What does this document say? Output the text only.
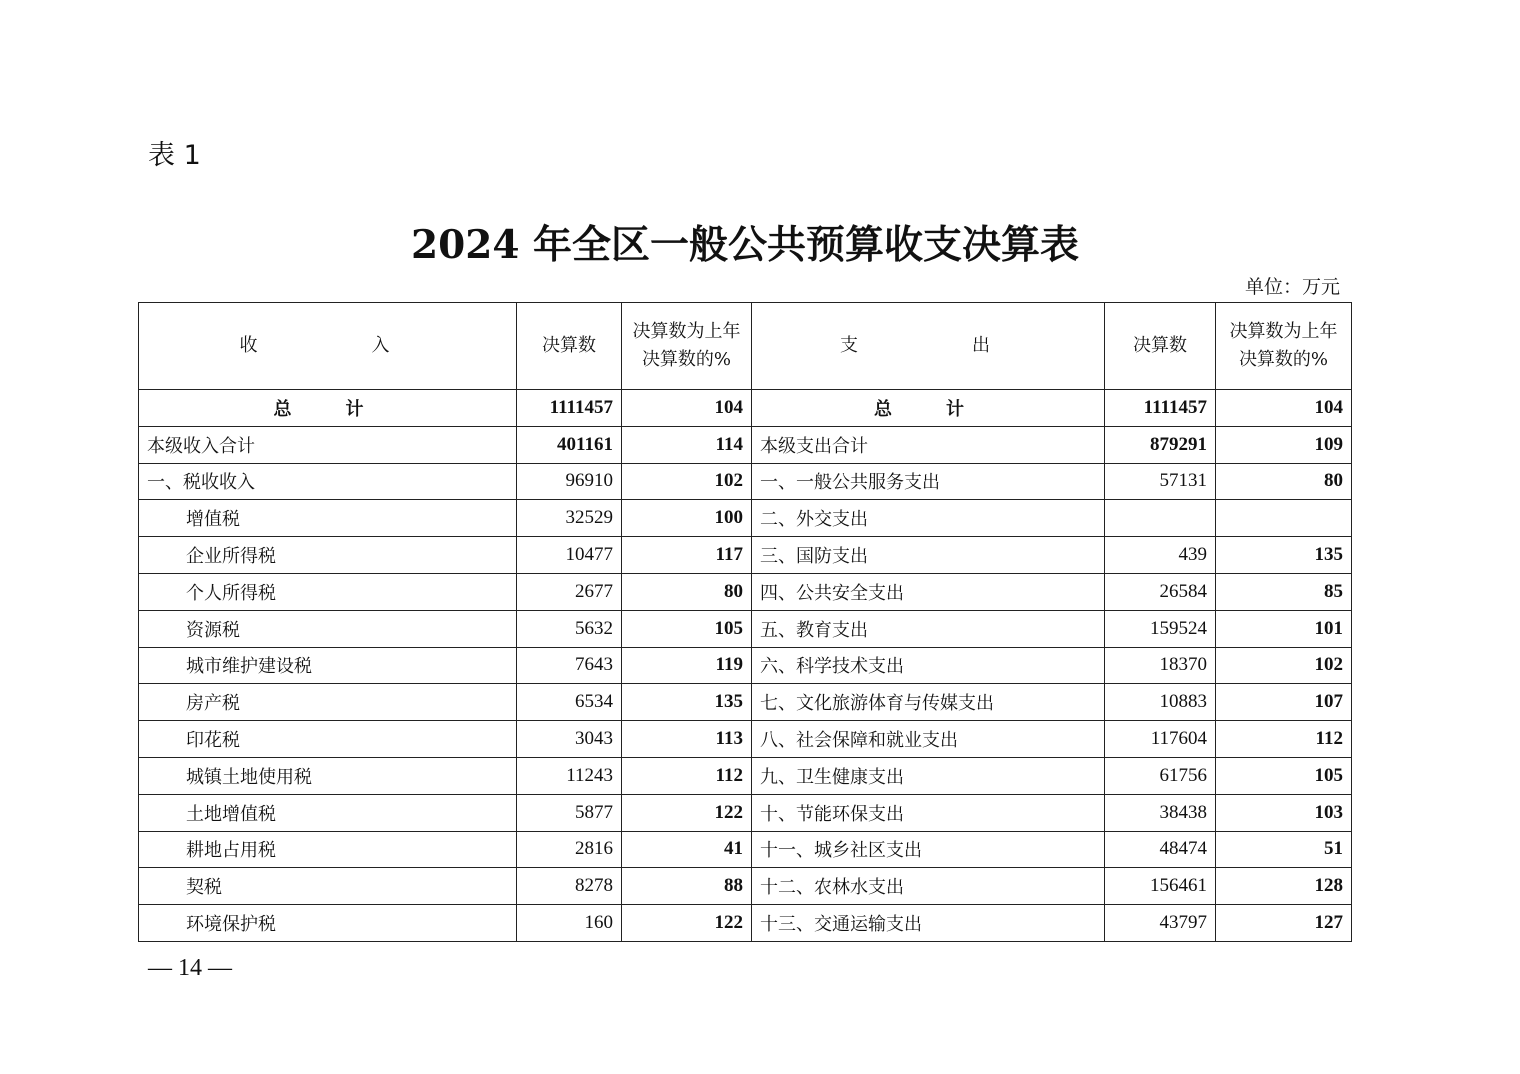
表 1
2024 年全区一般公共预算收支决算表
单位：万元
收　　入	决算数	决算数为上年决算数的%	支　　出	决算数	决算数为上年决算数的%
总　计	1111457	104	总　计	1111457	104
本级收入合计	401161	114	本级支出合计	879291	109
一、税收收入	96910	102	一、一般公共服务支出	57131	80
增值税	32529	100	二、外交支出		
企业所得税	10477	117	三、国防支出	439	135
个人所得税	2677	80	四、公共安全支出	26584	85
资源税	5632	105	五、教育支出	159524	101
城市维护建设税	7643	119	六、科学技术支出	18370	102
房产税	6534	135	七、文化旅游体育与传媒支出	10883	107
印花税	3043	113	八、社会保障和就业支出	117604	112
城镇土地使用税	11243	112	九、卫生健康支出	61756	105
土地增值税	5877	122	十、节能环保支出	38438	103
耕地占用税	2816	41	十一、城乡社区支出	48474	51
契税	8278	88	十二、农林水支出	156461	128
环境保护税	160	122	十三、交通运输支出	43797	127
— 14 —
